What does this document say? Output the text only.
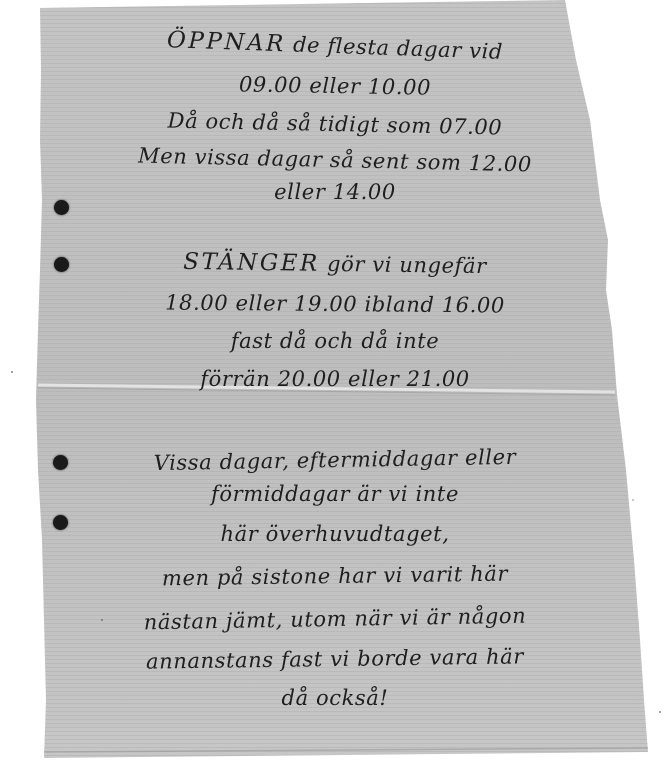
ÖPPNAR de flesta dagar vid
09.00 eller 10.00
Då och då så tidigt som 07.00
Men vissa dagar så sent som 12.00
eller 14.00
STÄNGER gör vi ungefär
18.00 eller 19.00 ibland 16.00
fast då och då inte
förrän 20.00 eller 21.00
Vissa dagar, eftermiddagar eller
förmiddagar är vi inte
här överhuvudtaget,
men på sistone har vi varit här
nästan jämt, utom när vi är någon
annanstans fast vi borde vara här
då också!
